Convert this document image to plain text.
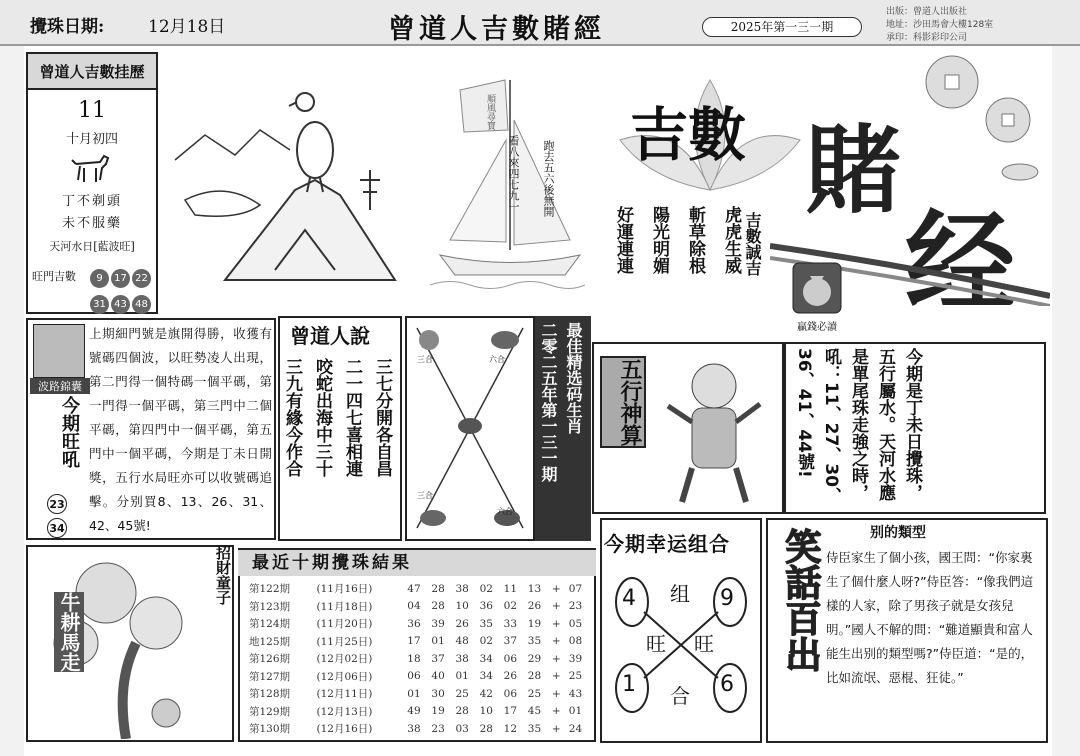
攪珠日期:	12月18日	曾道人吉數賭經	2025年第一三一期
出版：曾道人出版社
地址：沙田馬會大樓128室
承印：科影彩印公司
曾道人吉數挂歷
11
十月初四
丁不剃頭
未不服藥
天河水日[藍波旺]
旺門吉數	9 17 22
31 43 48
順風尋寶
看八來四七九一 跑去五六後無開
吉數 賭
经
虎虎生威
斬草除根
陽光明媚
好運連連	吉數誠吉
贏錢必讀
波路錦囊
今期旺吼
上期細門號是旗開得勝，收獲有號碼四個波，以旺勢凌人出現，第二門得一個特碼一個平碼，第一門得一個平碼，第三門中二個平碼，第四門中一個平碼，第五門中一個平碼，今期是丁未日開獎，五行水局旺亦可以收號碼追擊。分别買8、13、26、31、42、45號!
23
34
曾道人說
三七分開各自昌
二一四七喜相連
咬蛇出海中三十
三九有緣今作合	三合	六合
三合
六合
二零二五年第一三一期 最佳精选码生肖	五行神算	今期是丁未日攪珠，五行屬水。天河水應是單尾珠走強之時，吼：11、27、30、36、41、44號!
今期幸运组合
4	9
1	6
组
旺 旺
合
笑話百出	别的類型
侍臣家生了個小孩，國王問：“你家裏生了個什麼人呀?”侍臣答：“像我們這樣的人家，除了男孩子就是女孩兒明。”國人不解的問：“難道顯貴和富人能生出别的類型嗎?”侍臣道：“是的，比如流氓、惡棍、狂徒。”
招財童子
牛耕馬走
最近十期攪珠結果
第122期	(11月16日)	47	28	38	02	11	13	+	07
第123期	(11月18日)	04	28	10	36	02	26	+	23
第124期	(11月20日)	36	39	26	35	33	19	+	05
地125期	(11月25日)	17	01	48	02	37	35	+	08
第126期	(12月02日)	18	37	38	34	06	29	+	39
第127期	(12月06日)	06	40	01	34	26	28	+	25
第128期	(12月11日)	01	30	25	42	06	25	+	43
第129期	(12月13日)	49	19	28	10	17	45	+	01
第130期	(12月16日)	38	23	03	28	12	35	+	24
